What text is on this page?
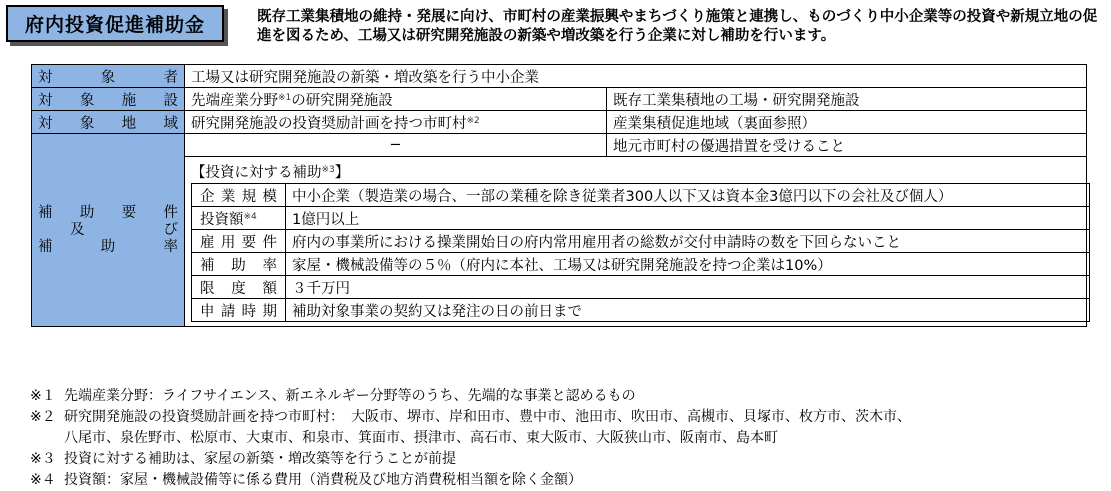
府内投資促進補助金	既存工業集積地の維持・発展に向け、市町村の産業振興やまちづくり施策と連携し、ものづくり中小企業等の投資や新規立地の促進を図るため、工場又は研究開発施設の新築や増改築を行う企業に対し補助を行います。
対象者	工場又は研究開発施設の新築・増改築を行う中小企業
対象施設	先端産業分野$^{※1}$の研究開発施設	既存工業集積地の工場・研究開発施設
対象地域	研究開発施設の投資奨励計画を持つ市町村$^{※2}$	産業集積促進地域（裏面参照）

補助要件
及び
補助率
	−	地元市町村の優遇措置を受けること

【投資に対する補助$^{※3}$】
企業規模	中小企業（製造業の場合、一部の業種を除き従業者300人以下又は資本金3億円以下の会社及び個人）
投資額$^{※4}$	1億円以上
雇用要件	府内の事業所における操業開始日の府内常用雇用者の総数が交付申請時の数を下回らないこと
補助率	家屋・機械設備等の５％（府内に本社、工場又は研究開発施設を持つ企業は10%）
限度額	３千万円
申請時期	補助対象事業の契約又は発注の日の前日まで
※１ 先端産業分野：ライフサイエンス、新エネルギー分野等のうち、先端的な事業と認めるもの
※２ 研究開発施設の投資奨励計画を持つ市町村：　大阪市、堺市、岸和田市、豊中市、池田市、吹田市、高槻市、貝塚市、枚方市、茨木市、
八尾市、泉佐野市、松原市、大東市、和泉市、箕面市、摂津市、高石市、東大阪市、大阪狭山市、阪南市、島本町
※３ 投資に対する補助は、家屋の新築・増改築等を行うことが前提
※４ 投資額：家屋・機械設備等に係る費用（消費税及び地方消費税相当額を除く金額）
